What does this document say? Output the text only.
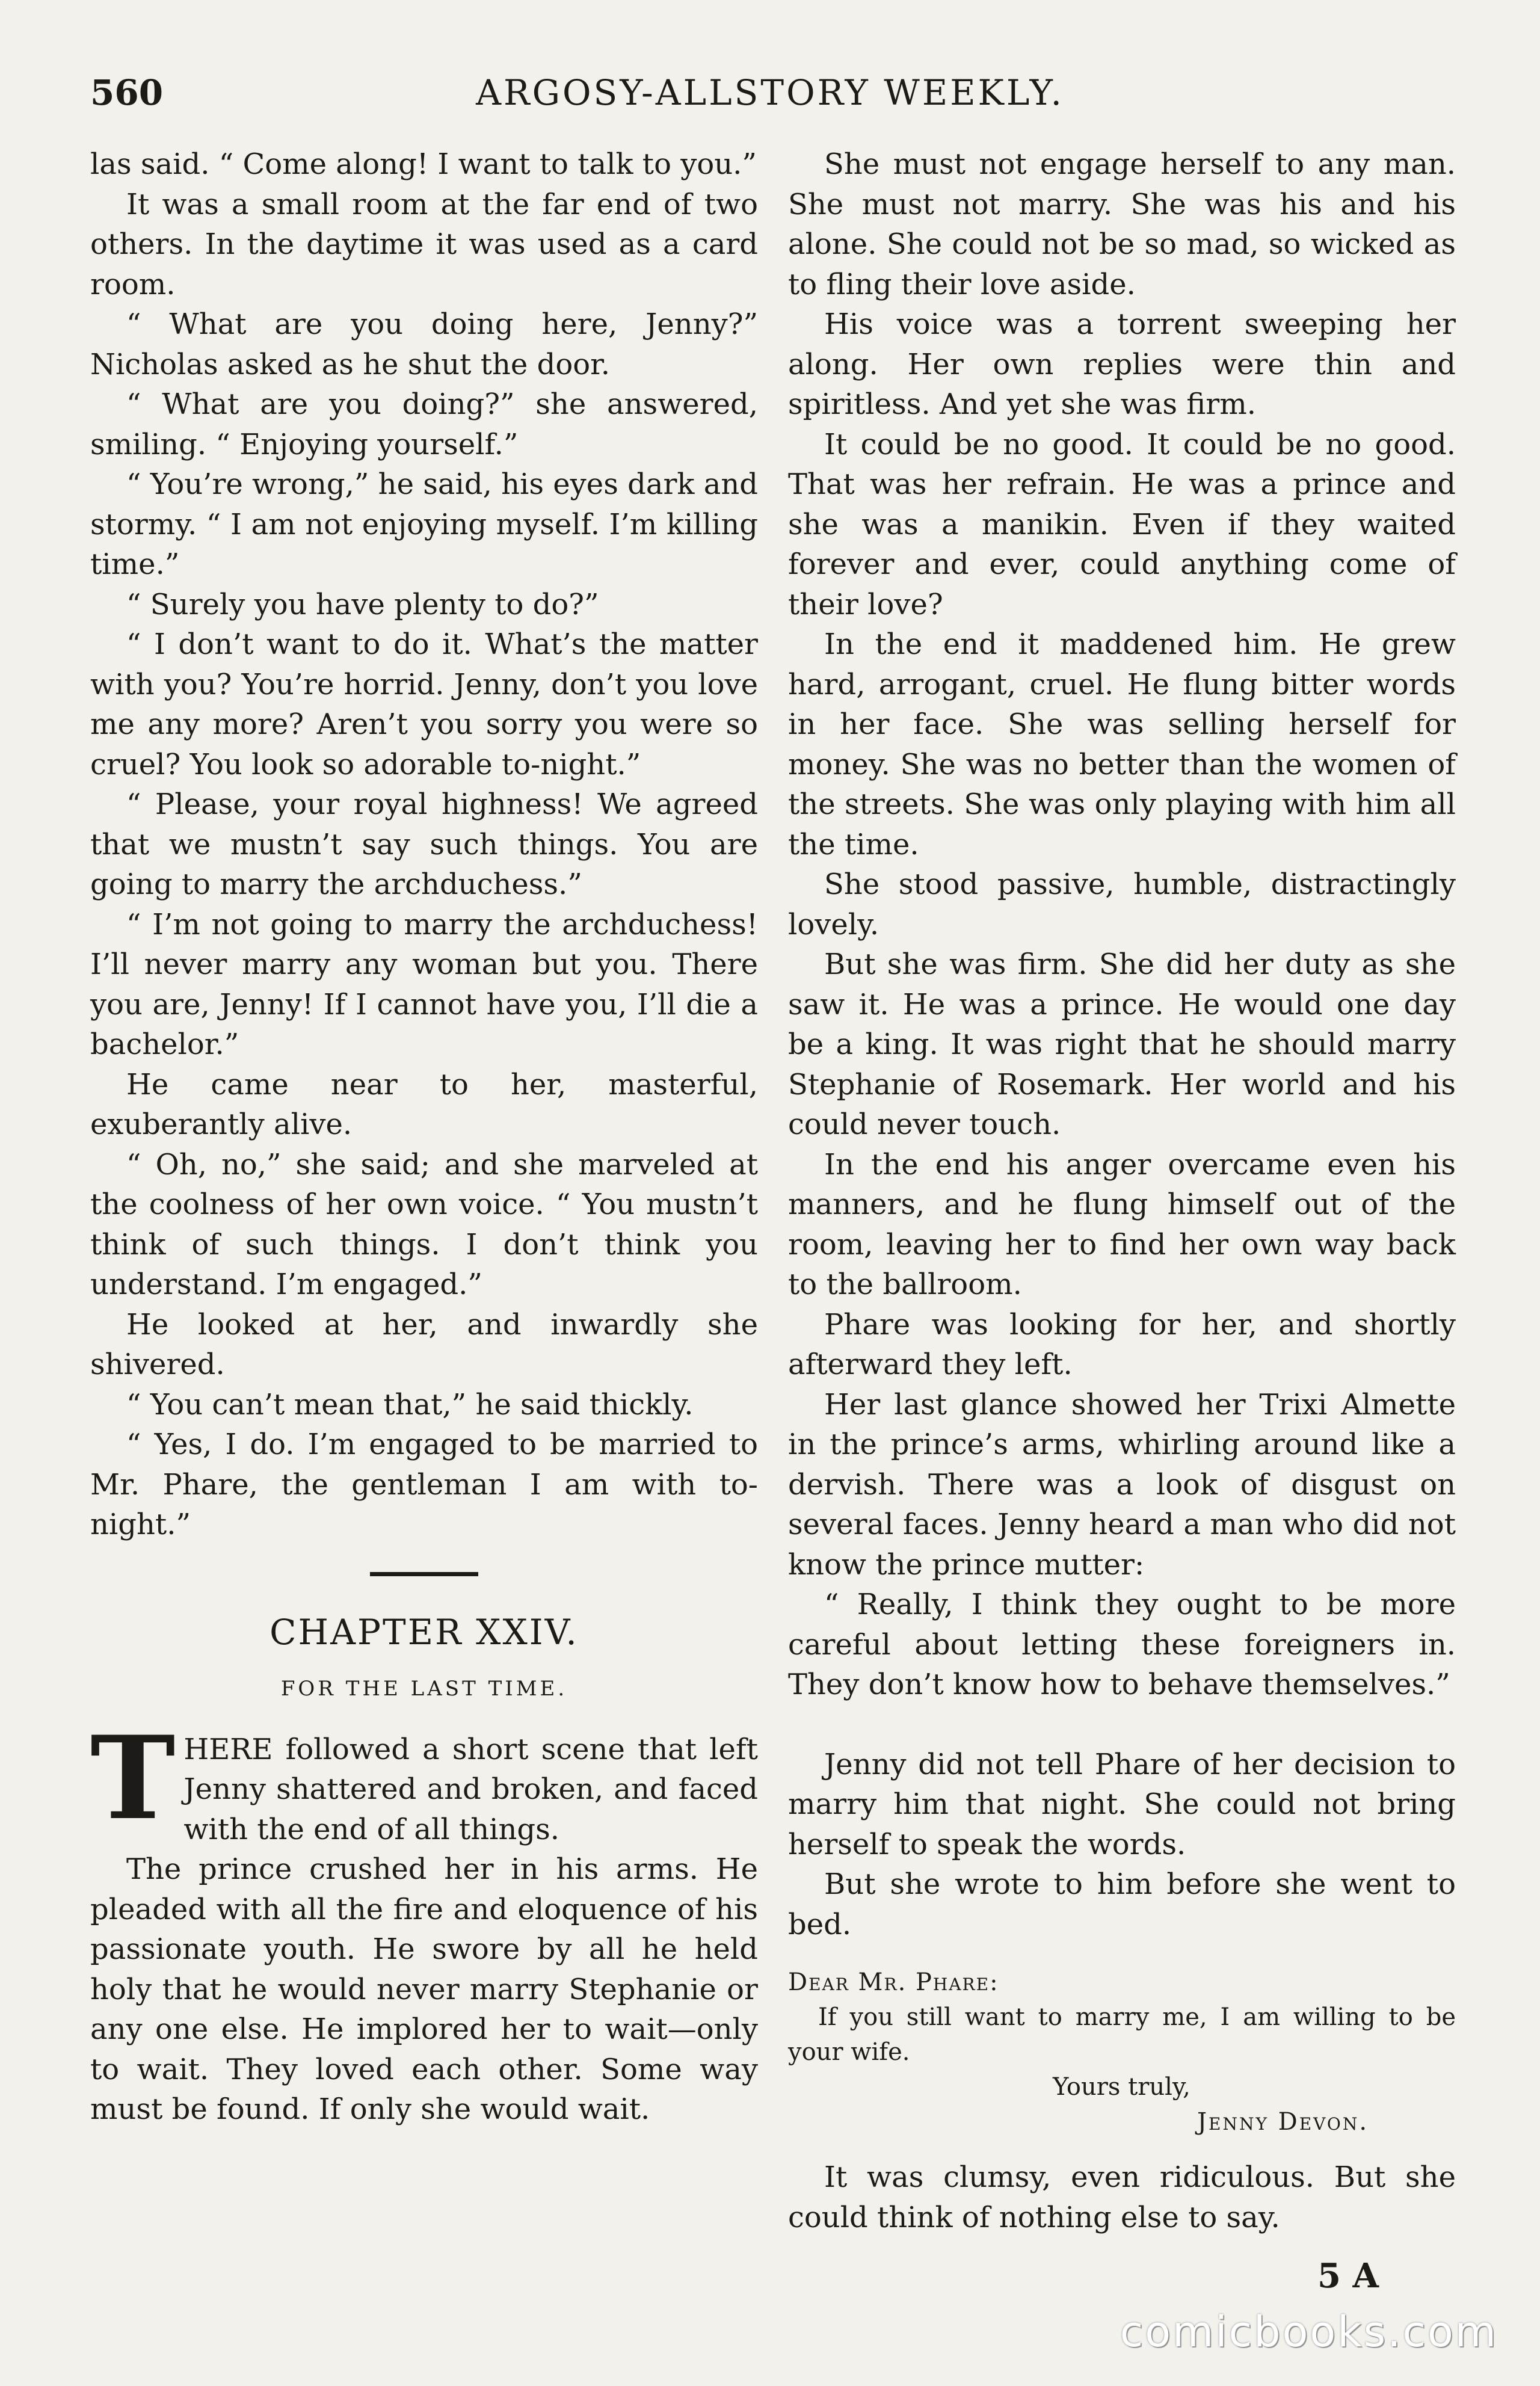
560	ARGOSY-ALLSTORY WEEKLY.

las said. “ Come along! I want to talk to you.”

It was a small room at the far end of two others. In the daytime it was used as a card room.

“ What are you doing here, Jenny?” Nicholas asked as he shut the door.

“ What are you doing?” she answered, smiling. “ Enjoying yourself.”

“ You’re wrong,” he said, his eyes dark and stormy. “ I am not enjoying myself. I’m killing time.”

“ Surely you have plenty to do?”

“ I don’t want to do it. What’s the matter with you? You’re horrid. Jenny, don’t you love me any more? Aren’t you sorry you were so cruel? You look so adorable to-night.”

“ Please, your royal highness! We agreed that we mustn’t say such things. You are going to marry the archduchess.”

“ I’m not going to marry the archduchess! I’ll never marry any woman but you. There you are, Jenny! If I cannot have you, I’ll die a bachelor.”

He came near to her, masterful, exuberantly alive.

“ Oh, no,” she said; and she marveled at the coolness of her own voice. “ You mustn’t think of such things. I don’t think you understand. I’m engaged.”

He looked at her, and inwardly she shivered.

“ You can’t mean that,” he said thickly.

“ Yes, I do. I’m engaged to be married to Mr. Phare, the gentleman I am with to-night.”

CHAPTER XXIV.
FOR THE LAST TIME.
T HERE followed a short scene that left Jenny shattered and broken, and faced with the end of all things.

The prince crushed her in his arms. He pleaded with all the fire and eloquence of his passionate youth. He swore by all he held holy that he would never marry Stephanie or any one else. He implored her to wait—only to wait. They loved each other. Some way must be found. If only she would wait.

She must not engage herself to any man. She must not marry. She was his and his alone. She could not be so mad, so wicked as to fling their love aside.

His voice was a torrent sweeping her along. Her own replies were thin and spiritless. And yet she was firm.

It could be no good. It could be no good. That was her refrain. He was a prince and she was a manikin. Even if they waited forever and ever, could anything come of their love?

In the end it maddened him. He grew hard, arrogant, cruel. He flung bitter words in her face. She was selling herself for money. She was no better than the women of the streets. She was only playing with him all the time.

She stood passive, humble, distractingly lovely.

But she was firm. She did her duty as she saw it. He was a prince. He would one day be a king. It was right that he should marry Stephanie of Rosemark. Her world and his could never touch.

In the end his anger overcame even his manners, and he flung himself out of the room, leaving her to find her own way back to the ballroom.

Phare was looking for her, and shortly afterward they left.

Her last glance showed her Trixi Almette in the prince’s arms, whirling around like a dervish. There was a look of disgust on several faces. Jenny heard a man who did not know the prince mutter:

“ Really, I think they ought to be more careful about letting these foreigners in. They don’t know how to behave themselves.”

Jenny did not tell Phare of her decision to marry him that night. She could not bring herself to speak the words.

But she wrote to him before she went to bed.

Dear Mr. Phare:
If you still want to marry me, I am willing to be your wife.
Yours truly,
Jenny Devon.

It was clumsy, even ridiculous. But she could think of nothing else to say.

5 A
comicbooks.com
